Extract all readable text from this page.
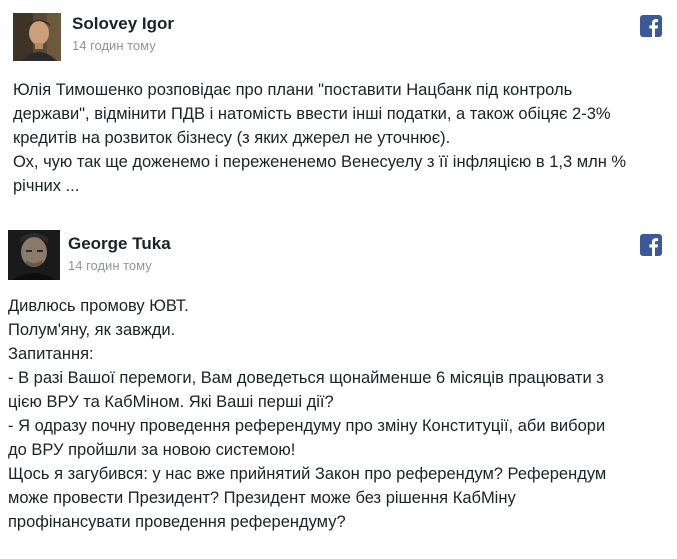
Solovey Igor
14 годин тому
Юлія Тимошенко розповідає про плани "поставити Нацбанк під контроль
держави", відмінити ПДВ і натомість ввести інші податки, а також обіцяє 2-3%
кредитів на розвиток бізнесу (з яких джерел не уточнює).
Ох, чую так ще доженемо і пережененемо Венесуелу з її інфляцією в 1,3 млн %
річних ...
George Tuka
14 годин тому
Дивлюсь промову ЮВТ.
Полум'яну, як завжди.
Запитання:
- В разі Вашої перемоги, Вам доведеться щонайменше 6 місяців працювати з
цією ВРУ та КабМіном. Які Ваші перші дії?
- Я одразу почну проведення референдуму про зміну Конституції, аби вибори
до ВРУ пройшли за новою системою!
Щось я загубився: у нас вже прийнятий Закон про референдум? Референдум
може провести Президент? Президент може без рішення КабМіну
профінансувати проведення референдуму?
